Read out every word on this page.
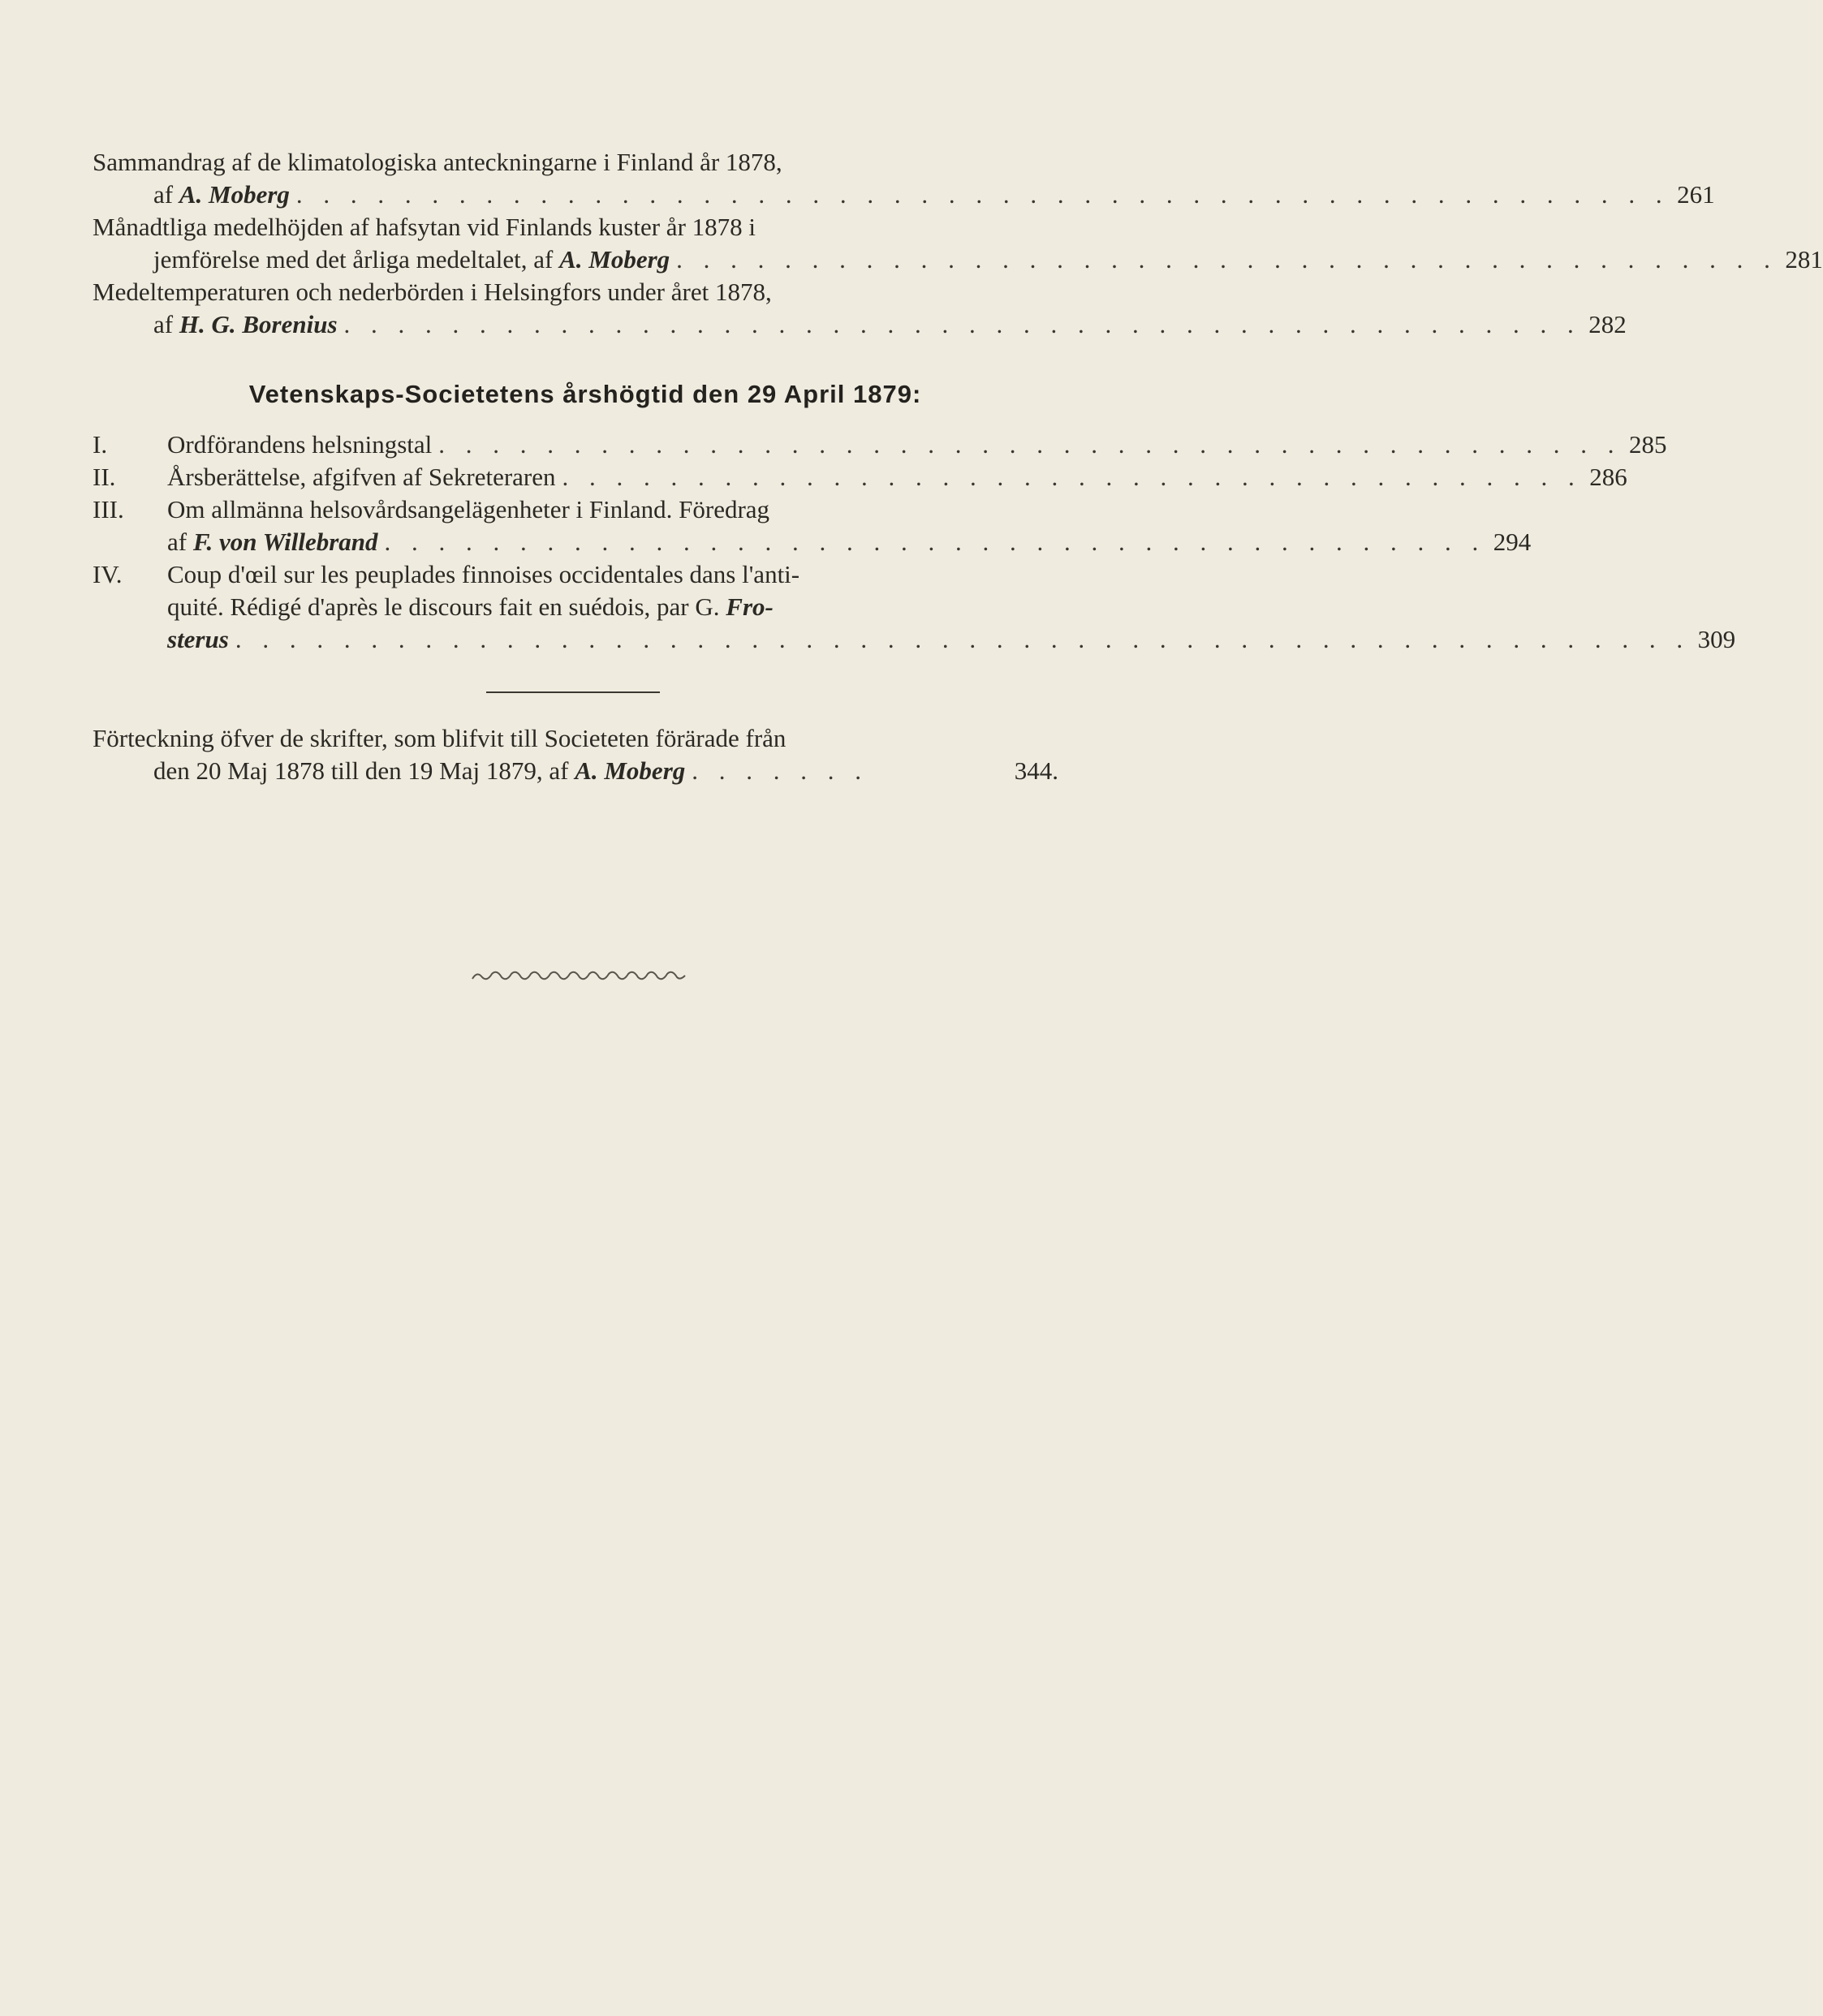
Sammandrag af de klimatologiska anteckningarne i Finland år 1878,
af A. Moberg . . . . . . . . . . . . . . . . . . . . . . . . . . . . . . . . . . . . . . . . . . . . . . . . . . . 261
Månadtliga medelhöjden af hafsytan vid Finlands kuster år 1878 i
jemförelse med det årliga medeltalet, af A. Moberg . . . . . . . . . . . . . . . . . . . . . . . . . . . . . . . . . . . . . . . . . 281
Medeltemperaturen och nederbörden i Helsingfors under året 1878,
af H. G. Borenius . . . . . . . . . . . . . . . . . . . . . . . . . . . . . . . . . . . . . . . . . . . . . . 282
Vetenskaps-Societetens årshögtid den 29 April 1879:
I. Ordförandens helsningstal . . . . . . . . . . . . . . . . . . . . . . . . . . . . . . . . . . . . . . . . . . . . 285
II. Årsberättelse, afgifven af Sekreteraren . . . . . . . . . . . . . . . . . . . . . . . . . . . . . . . . . . . . . . 286
III. Om allmänna helsovårdsangelägenheter i Finland. Föredrag
af F. von Willebrand . . . . . . . . . . . . . . . . . . . . . . . . . . . . . . . . . . . . . . . . . 294
IV. Coup d'œil sur les peuplades finnoises occidentales dans l'anti-
quité. Rédigé d'après le discours fait en suédois, par G. Fro-
sterus . . . . . . . . . . . . . . . . . . . . . . . . . . . . . . . . . . . . . . . . . . . . . . . . . . . . . . 309
Förteckning öfver de skrifter, som blifvit till Societeten förärade från
den 20 Maj 1878 till den 19 Maj 1879, af A. Moberg . . . . . . .	344.
